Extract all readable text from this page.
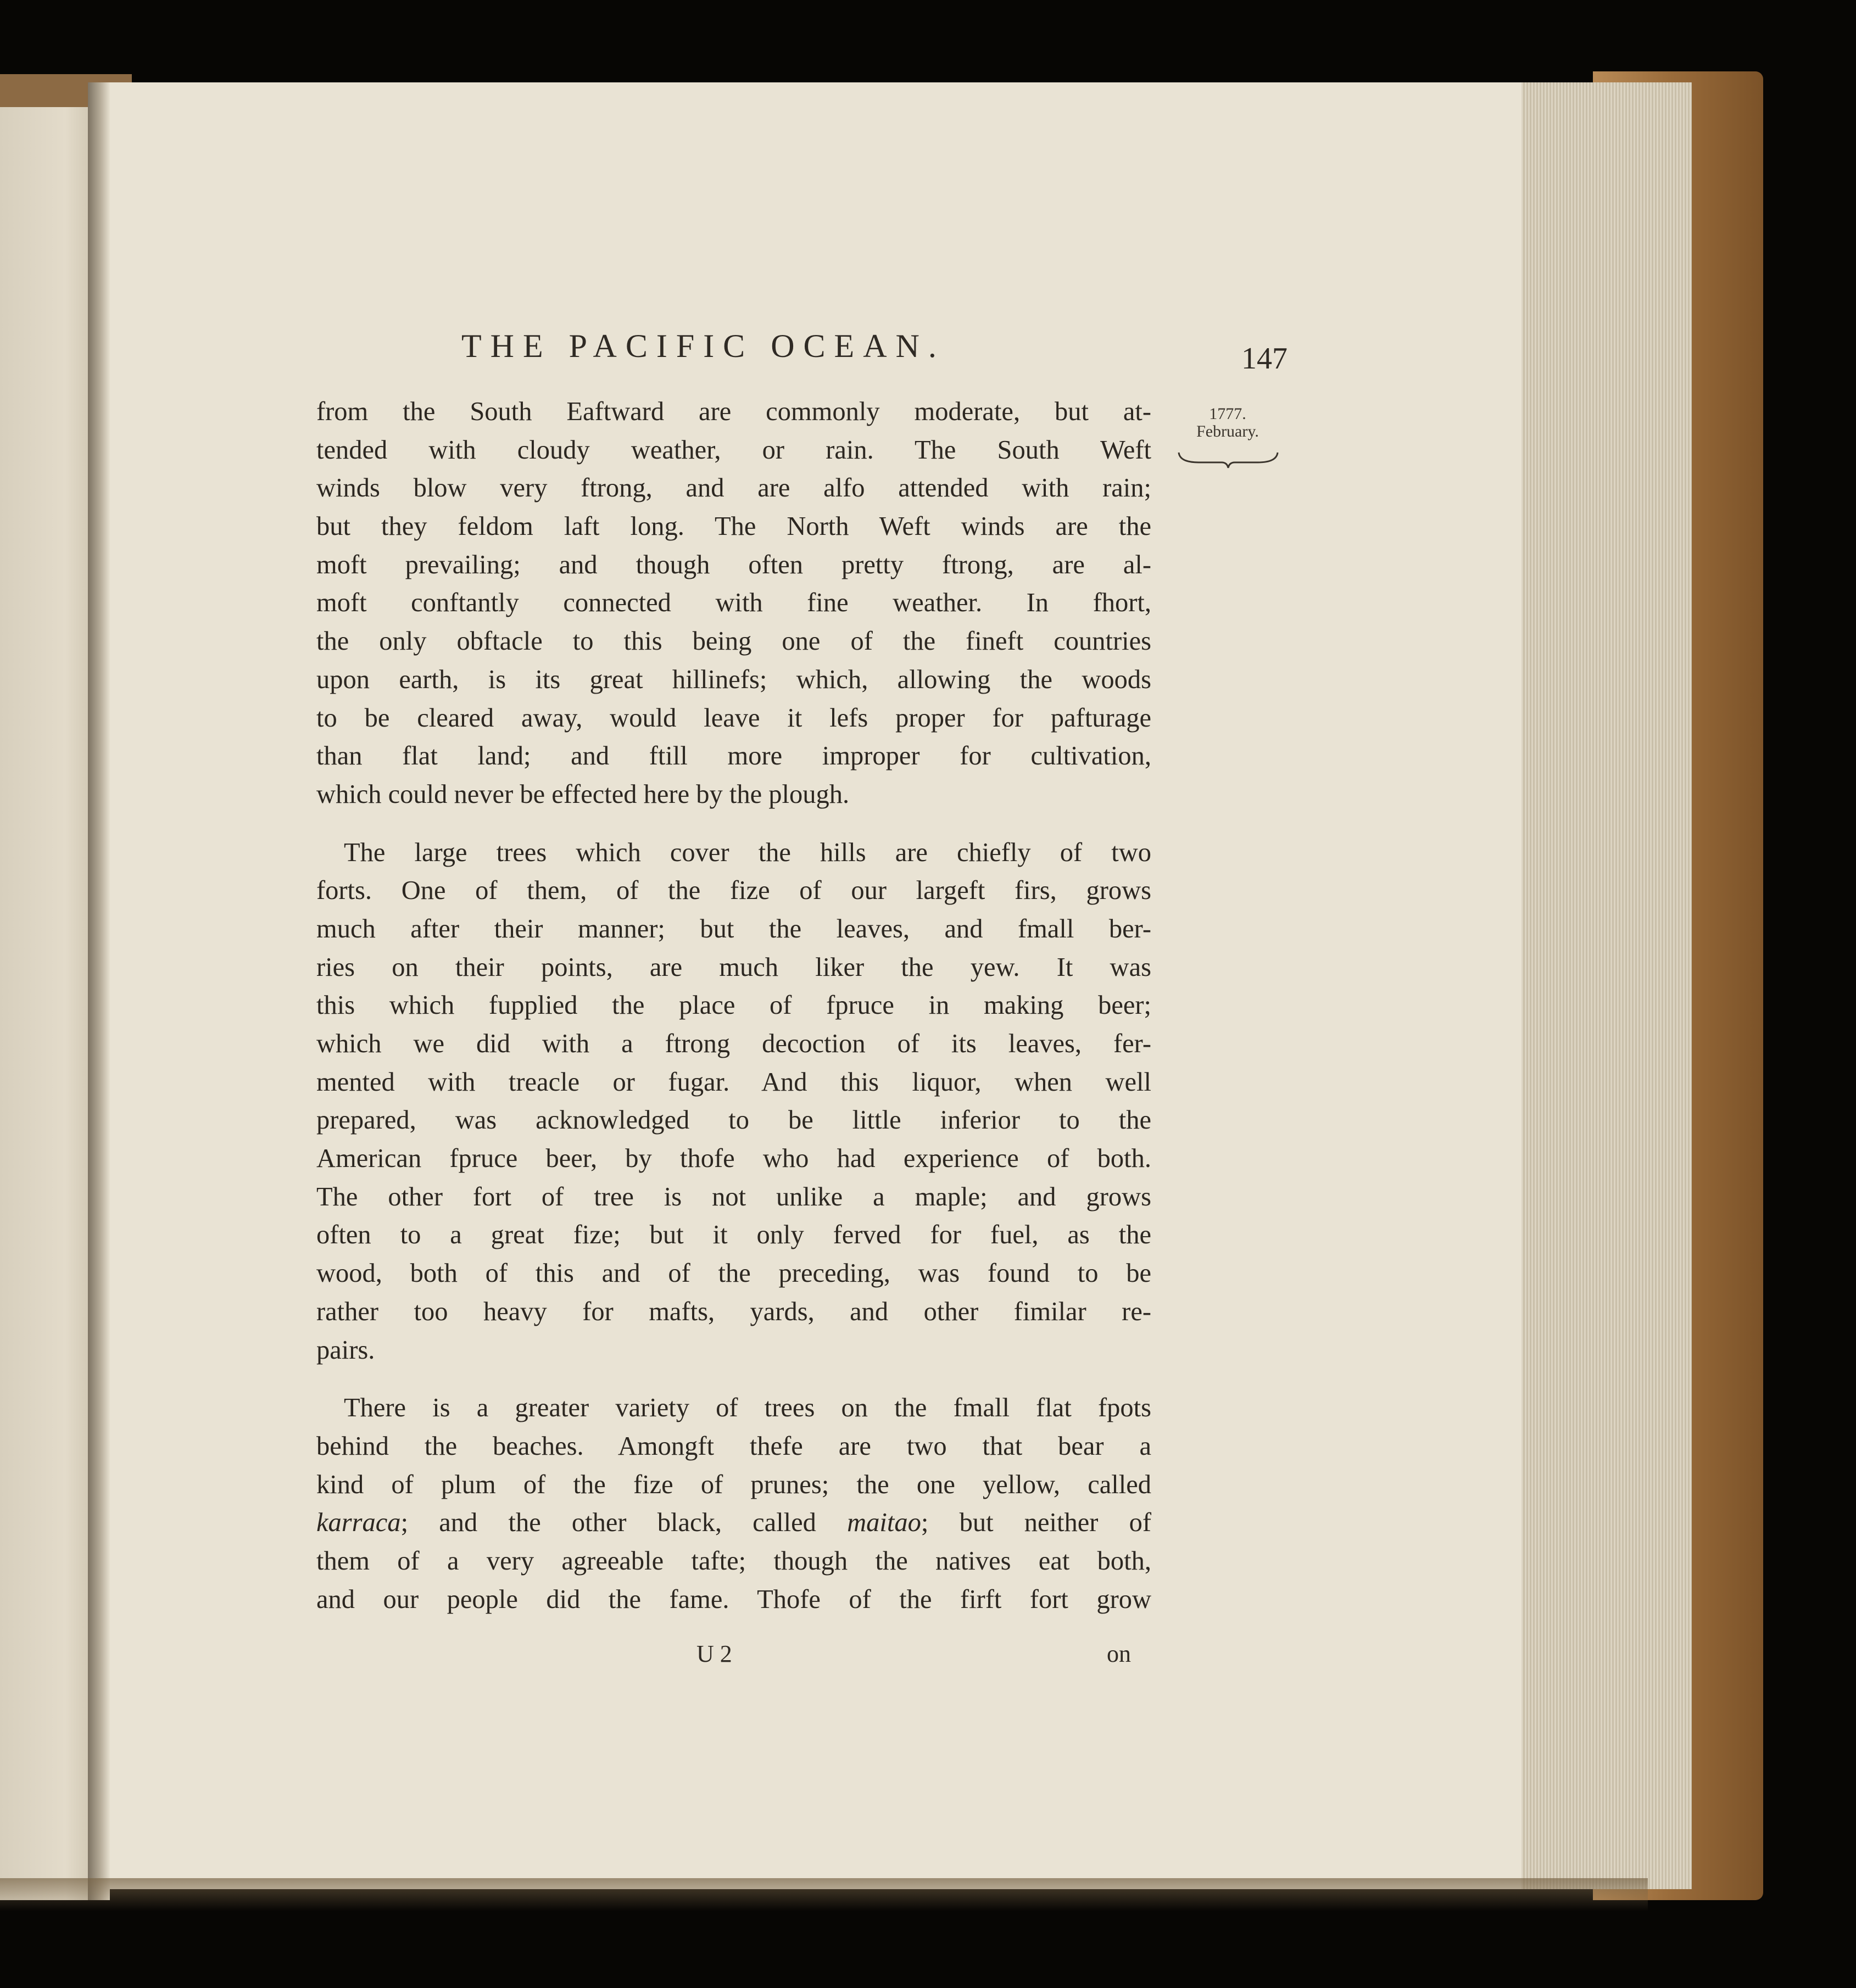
THE PACIFIC OCEAN.	147
1777.
February.
from the South Eaftward are commonly moderate, but at-
tended with cloudy weather, or rain. The South Weft
winds blow very ftrong, and are alfo attended with rain;
but they feldom laft long. The North Weft winds are the
moft prevailing; and though often pretty ftrong, are al-
moft conftantly connected with fine weather. In fhort,
the only obftacle to this being one of the fineft countries
upon earth, is its great hillinefs; which, allowing the woods
to be cleared away, would leave it lefs proper for pafturage
than flat land; and ftill more improper for cultivation,
which could never be effected here by the plough.
The large trees which cover the hills are chiefly of two
forts. One of them, of the fize of our largeft firs, grows
much after their manner; but the leaves, and fmall ber-
ries on their points, are much liker the yew. It was
this which fupplied the place of fpruce in making beer;
which we did with a ftrong decoction of its leaves, fer-
mented with treacle or fugar. And this liquor, when well
prepared, was acknowledged to be little inferior to the
American fpruce beer, by thofe who had experience of both.
The other fort of tree is not unlike a maple; and grows
often to a great fize; but it only ferved for fuel, as the
wood, both of this and of the preceding, was found to be
rather too heavy for mafts, yards, and other fimilar re-
pairs.
There is a greater variety of trees on the fmall flat fpots
behind the beaches. Amongft thefe are two that bear a
kind of plum of the fize of prunes; the one yellow, called
karraca; and the other black, called maitao; but neither of
them of a very agreeable tafte; though the natives eat both,
and our people did the fame. Thofe of the firft fort grow
U 2	on
